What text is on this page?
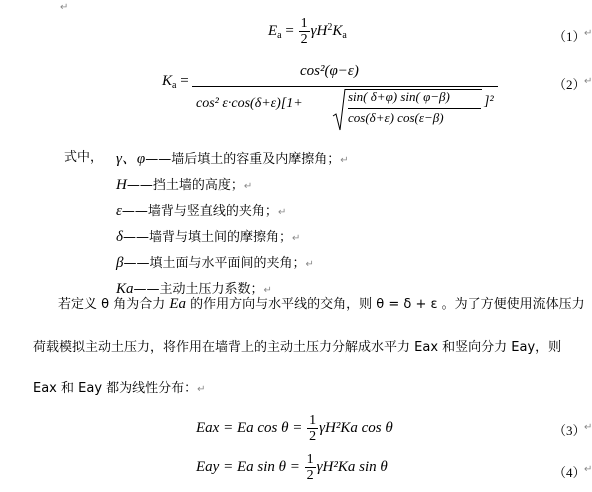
↵
$E_a = \frac{1}{2} \gamma H^2K_a$	（1）
↵
$K_a$ =
cos²(φ−ε)
cos² ε·cos(δ+ε)[1+	sin( δ+φ) sin( φ−β)
cos(δ+ε) cos(ε−β)
]²
（2）
↵
式中， γ、φ——墙后填土的容重及内摩擦角；↵
H——挡土墙的高度；↵
ε——墙背与竖直线的夹角；↵
δ——墙背与填土间的摩擦角；↵
β——填土面与水平面间的夹角；↵
Ka——主动土压力系数；↵
若定义 θ 角为合力 Ea 的作用方向与水平线的交角，则 θ = δ + ε 。为了方便使用流体压力
荷载模拟主动土压力，将作用在墙背上的主动土压力分解成水平力 Eax 和竖向分力 Eay，则
Eax 和 Eay 都为线性分布：↵
Eax = Ea $\cos \theta = \frac{1}{2} \gamma H^2Ka$ cos θ	（3）
↵
Eay = Ea $\sin \theta = \frac{1}{2} \gamma H^2Ka$ sin θ	（4）
↵
